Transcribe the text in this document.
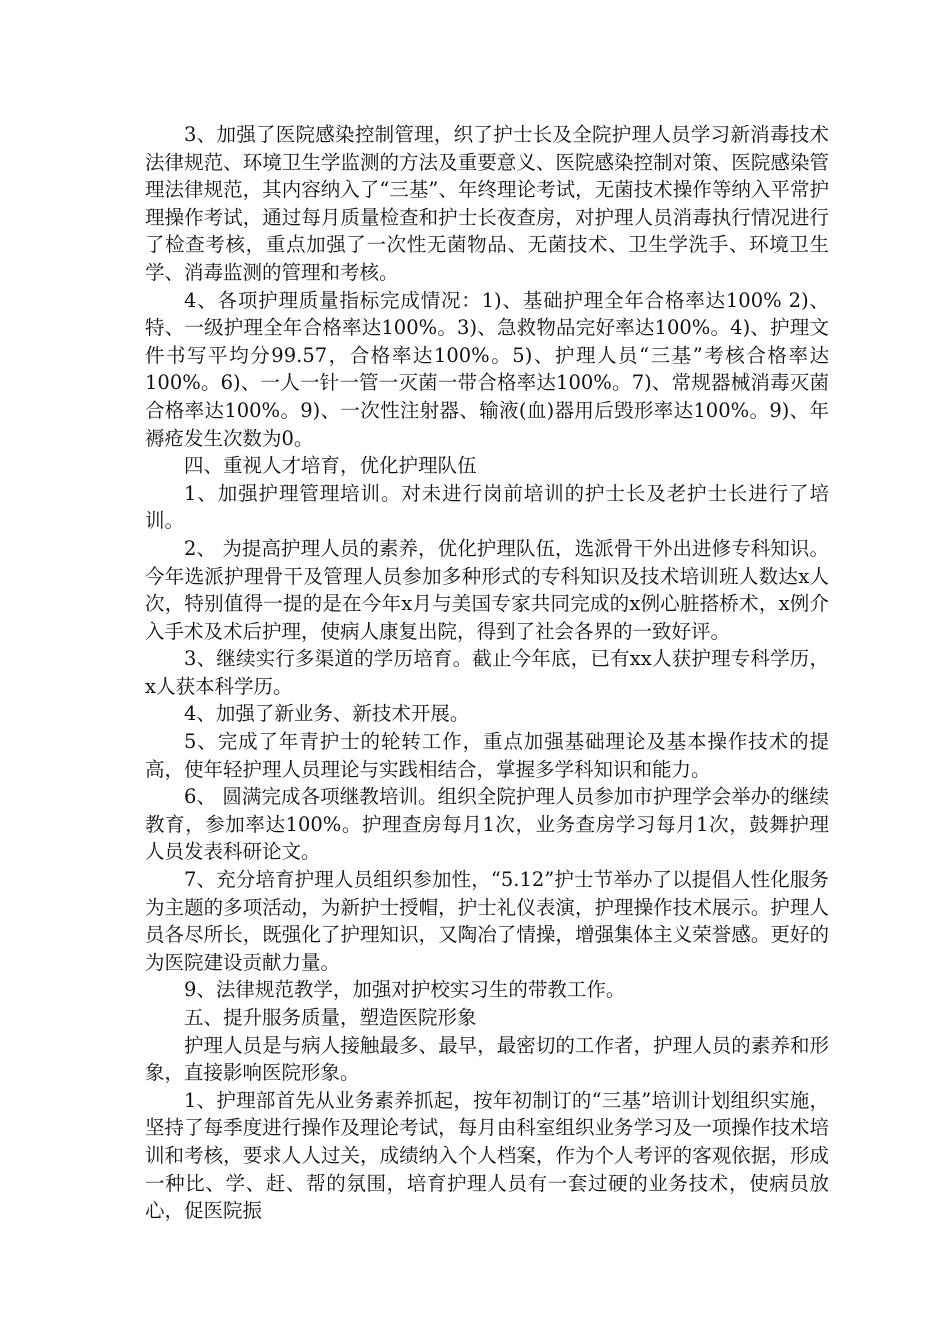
3、加强了医院感染控制管理，织了护士长及全院护理人员学习新消毒技术法律规范、环境卫生学监测的方法及重要意义、医院感染控制对策、医院感染管理法律规范，其内容纳入了“三基”、年终理论考试，无菌技术操作等纳入平常护理操作考试，通过每月质量检查和护士长夜查房，对护理人员消毒执行情况进行了检查考核，重点加强了一次性无菌物品、无菌技术、卫生学洗手、环境卫生学、消毒监测的管理和考核。

4、各项护理质量指标完成情况：1)、基础护理全年合格率达100% 2)、特、一级护理全年合格率达100%。3)、急救物品完好率达100%。4)、护理文件书写平均分99.57，合格率达100%。5)、护理人员“三基”考核合格率达100%。6)、一人一针一管一灭菌一带合格率达100%。7)、常规器械消毒灭菌合格率达100%。9)、一次性注射器、输液(血)器用后毁形率达100%。9)、年褥疮发生次数为0。

四、重视人才培育，优化护理队伍

1、加强护理管理培训。对未进行岗前培训的护士长及老护士长进行了培训。

2、 为提高护理人员的素养，优化护理队伍，选派骨干外出进修专科知识。今年选派护理骨干及管理人员参加多种形式的专科知识及技术培训班人数达x人次，特别值得一提的是在今年x月与美国专家共同完成的x例心脏搭桥术，x例介入手术及术后护理，使病人康复出院，得到了社会各界的一致好评。

3、继续实行多渠道的学历培育。截止今年底，已有xx人获护理专科学历，x人获本科学历。

4、加强了新业务、新技术开展。

5、完成了年青护士的轮转工作，重点加强基础理论及基本操作技术的提高，使年轻护理人员理论与实践相结合，掌握多学科知识和能力。

6、 圆满完成各项继教培训。组织全院护理人员参加市护理学会举办的继续教育，参加率达100%。护理查房每月1次，业务查房学习每月1次，鼓舞护理人员发表科研论文。

7、充分培育护理人员组织参加性，“5.12”护士节举办了以提倡人性化服务为主题的多项活动，为新护士授帽，护士礼仪表演，护理操作技术展示。护理人员各尽所长，既强化了护理知识，又陶冶了情操，增强集体主义荣誉感。更好的为医院建设贡献力量。

9、法律规范教学，加强对护校实习生的带教工作。

五、提升服务质量，塑造医院形象

护理人员是与病人接触最多、最早，最密切的工作者，护理人员的素养和形象，直接影响医院形象。

1、护理部首先从业务素养抓起，按年初制订的“三基”培训计划组织实施，坚持了每季度进行操作及理论考试，每月由科室组织业务学习及一项操作技术培训和考核，要求人人过关，成绩纳入个人档案，作为个人考评的客观依据，形成一种比、学、赶、帮的氛围，培育护理人员有一套过硬的业务技术，使病员放心，促医院振
